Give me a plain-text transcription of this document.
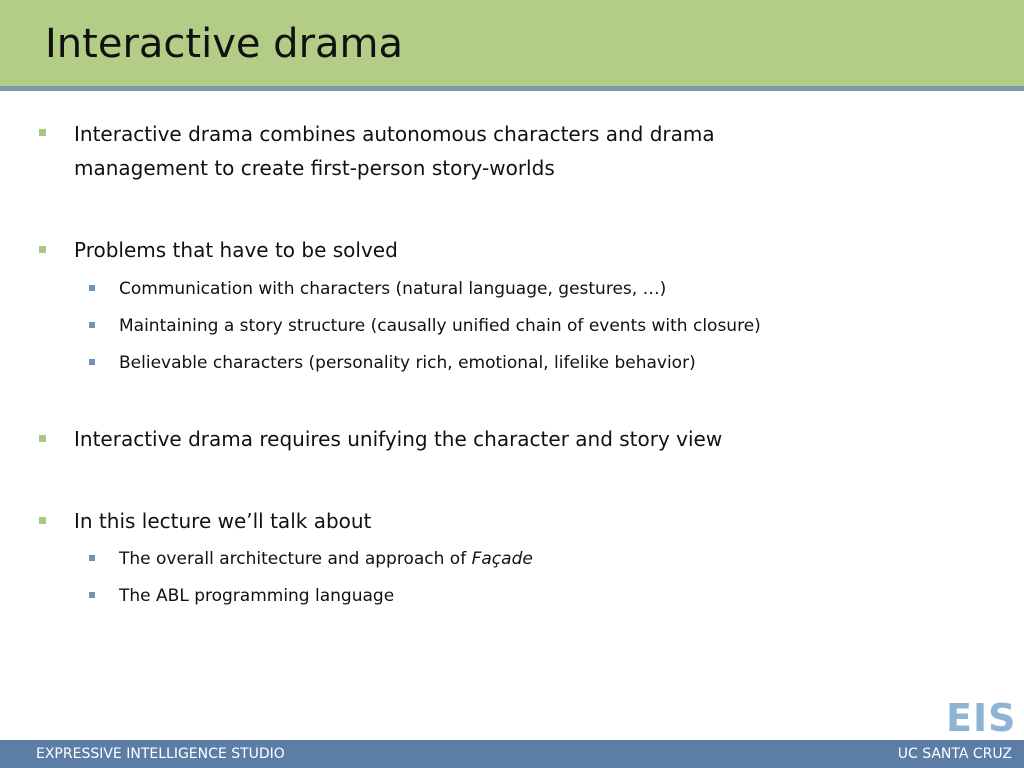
Interactive drama
Interactive drama combines autonomous characters and drama
management to create first-person story-worlds
Problems that have to be solved
Communication with characters (natural language, gestures, …)
Maintaining a story structure (causally unified chain of events with closure)
Believable characters (personality rich, emotional, lifelike behavior)
Interactive drama requires unifying the character and story view
In this lecture we’ll talk about
The overall architecture and approach of Façade
The ABL programming language
EIS
EXPRESSIVE INTELLIGENCE STUDIO	UC SANTA CRUZ
